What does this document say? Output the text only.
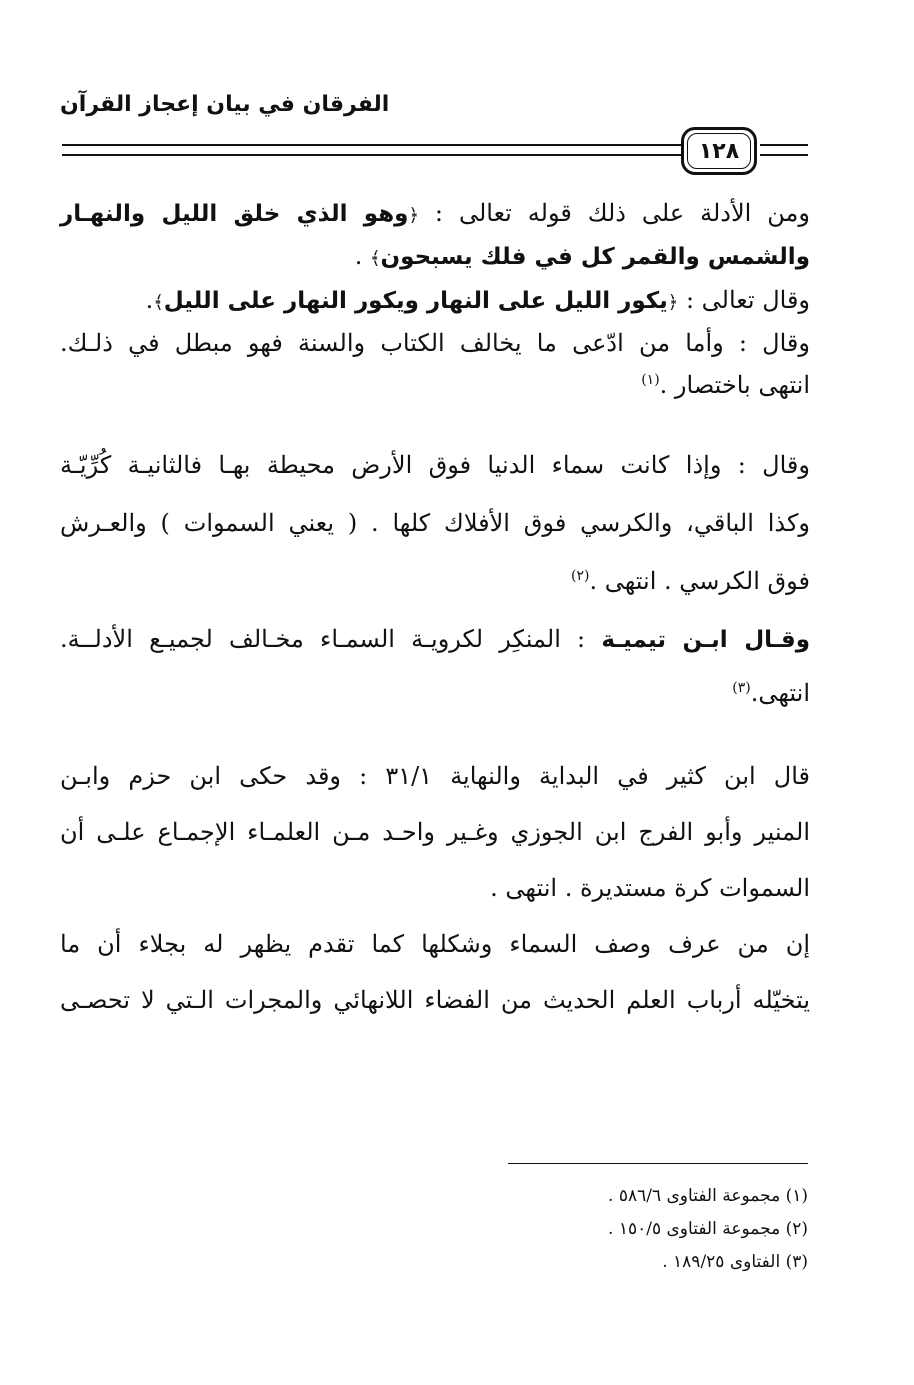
الفرقان في بيان إعجاز القرآن
١٢٨
ومن الأدلة على ذلك قوله تعالى : ﴿وهو الذي خلق الليل والنهـار
والشمس والقمر كل في فلك يسبحون﴾ .
وقال تعالى : ﴿يكور الليل على النهار ويكور النهار على الليل﴾.
وقال : وأما من ادّعى ما يخالف الكتاب والسنة فهو مبطل في ذلـك.
انتهى باختصار .$^{(١)}$
وقال : وإذا كانت سماء الدنيا فوق الأرض محيطة بهـا فالثانيـة كُرِّيّـة
وكذا الباقي، والكرسي فوق الأفلاك كلها . ( يعني السموات ) والعـرش
فوق الكرسي . انتهى .$^{(٢)}$
وقـال ابـن تيميـة : المنكِر لكرويـة السمـاء مخـالف لجميـع الأدلــة.
انتهى.$^{(٣)}$
قال ابن كثير في البداية والنهاية ٣١/١ : وقد حكى ابن حزم وابـن
المنير وأبو الفرج ابن الجوزي وغـير واحـد مـن العلمـاء الإجمـاع علـى أن
السموات كرة مستديرة . انتهى .
إن من عرف وصف السماء وشكلها كما تقدم يظهر له بجلاء أن ما
يتخيّله أرباب العلم الحديث من الفضاء اللانهائي والمجرات الـتي لا تحصـى
(١) مجموعة الفتاوى ٥٨٦/٦ .
(٢) مجموعة الفتاوى ١٥٠/٥ .
(٣) الفتاوى ١٨٩/٢٥ .
